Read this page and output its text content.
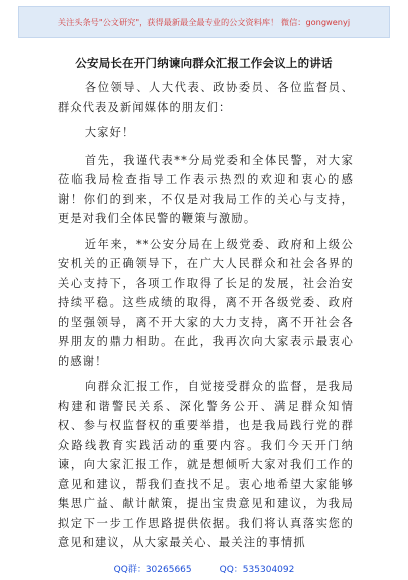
关注头条号"公文研究"，获得最新最全最专业的公文资料库！ 微信：gongwenyj
公安局长在开门纳谏向群众汇报工作会议上的讲话

各位领导、人大代表、政协委员、各位监督员、群众代表及新闻媒体的朋友们：

大家好！

首先，我谨代表**分局党委和全体民警，对大家莅临我局检查指导工作表示热烈的欢迎和衷心的感谢！你们的到来，不仅是对我局工作的关心与支持，更是对我们全体民警的鞭策与激励。

近年来，**公安分局在上级党委、政府和上级公安机关的正确领导下，在广大人民群众和社会各界的关心支持下，各项工作取得了长足的发展，社会治安持续平稳。这些成绩的取得，离不开各级党委、政府的坚强领导，离不开大家的大力支持，离不开社会各界朋友的鼎力相助。在此，我再次向大家表示最衷心的感谢！

向群众汇报工作，自觉接受群众的监督，是我局构建和谐警民关系、深化警务公开、满足群众知情权、参与权监督权的重要举措，也是我局践行党的群众路线教育实践活动的重要内容。我们今天开门纳谏，向大家汇报工作，就是想倾听大家对我们工作的意见和建议，帮我们查找不足。衷心地希望大家能够集思广益、献计献策，提出宝贵意见和建议，为我局拟定下一步工作思路提供依据。我们将认真落实您的意见和建议，从大家最关心、最关注的事情抓

QQ群：30265665	QQ：535304092
